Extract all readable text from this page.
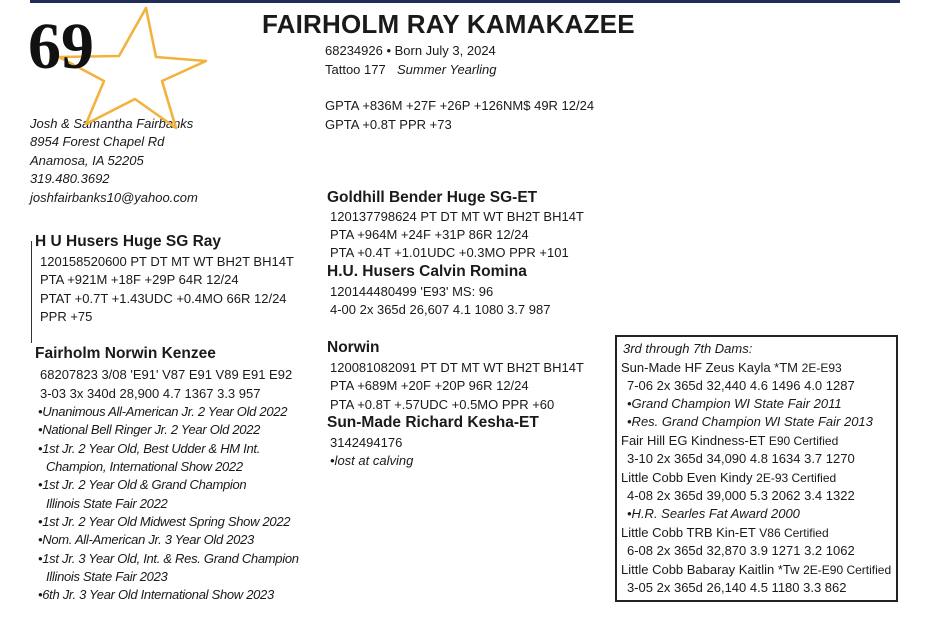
69	FAIRHOLM RAY KAMAKAZEE
68234926 • Born July 3, 2024
Tattoo 177 Summer Yearling
GPTA +836M +27F +26P +126NM$ 49R 12/24
GPTA +0.8T PPR +73
Josh & Samantha Fairbanks
8954 Forest Chapel Rd
Anamosa, IA 52205
319.480.3692
joshfairbanks10@yahoo.com
H U Husers Huge SG Ray
120158520600 PT DT MT WT BH2T BH14T
PTA +921M +18F +29P 64R 12/24
PTAT +0.7T +1.43UDC +0.4MO 66R 12/24
PPR +75
Fairholm Norwin Kenzee
68207823 3/08 'E91' V87 E91 V89 E91 E92
3-03 3x 340d 28,900 4.7 1367 3.3 957
•Unanimous All-American Jr. 2 Year Old 2022
•National Bell Ringer Jr. 2 Year Old 2022
•1st Jr. 2 Year Old, Best Udder & HM Int.
Champion, International Show 2022
•1st Jr. 2 Year Old & Grand Champion
Illinois State Fair 2022
•1st Jr. 2 Year Old Midwest Spring Show 2022
•Nom. All-American Jr. 3 Year Old 2023
•1st Jr. 3 Year Old, Int. & Res. Grand Champion
Illinois State Fair 2023
•6th Jr. 3 Year Old International Show 2023
Goldhill Bender Huge SG-ET
120137798624 PT DT MT WT BH2T BH14T
PTA +964M +24F +31P 86R 12/24
PTA +0.4T +1.01UDC +0.3MO PPR +101
H.U. Husers Calvin Romina
120144480499 'E93' MS: 96
4-00 2x 365d 26,607 4.1 1080 3.7 987
Norwin
120081082091 PT DT MT WT BH2T BH14T
PTA +689M +20F +20P 96R 12/24
PTA +0.8T +.57UDC +0.5MO PPR +60
Sun-Made Richard Kesha-ET
3142494176
•lost at calving
3rd through 7th Dams:
Sun-Made HF Zeus Kayla *TM 2E-E93
7-06 2x 365d 32,440 4.6 1496 4.0 1287
•Grand Champion WI State Fair 2011
•Res. Grand Champion WI State Fair 2013
Fair Hill EG Kindness-ET E90 Certified
3-10 2x 365d 34,090 4.8 1634 3.7 1270
Little Cobb Even Kindy 2E-93 Certified
4-08 2x 365d 39,000 5.3 2062 3.4 1322
•H.R. Searles Fat Award 2000
Little Cobb TRB Kin-ET V86 Certified
6-08 2x 365d 32,870 3.9 1271 3.2 1062
Little Cobb Babaray Kaitlin *Tw 2E-E90 Certified
3-05 2x 365d 26,140 4.5 1180 3.3 862
